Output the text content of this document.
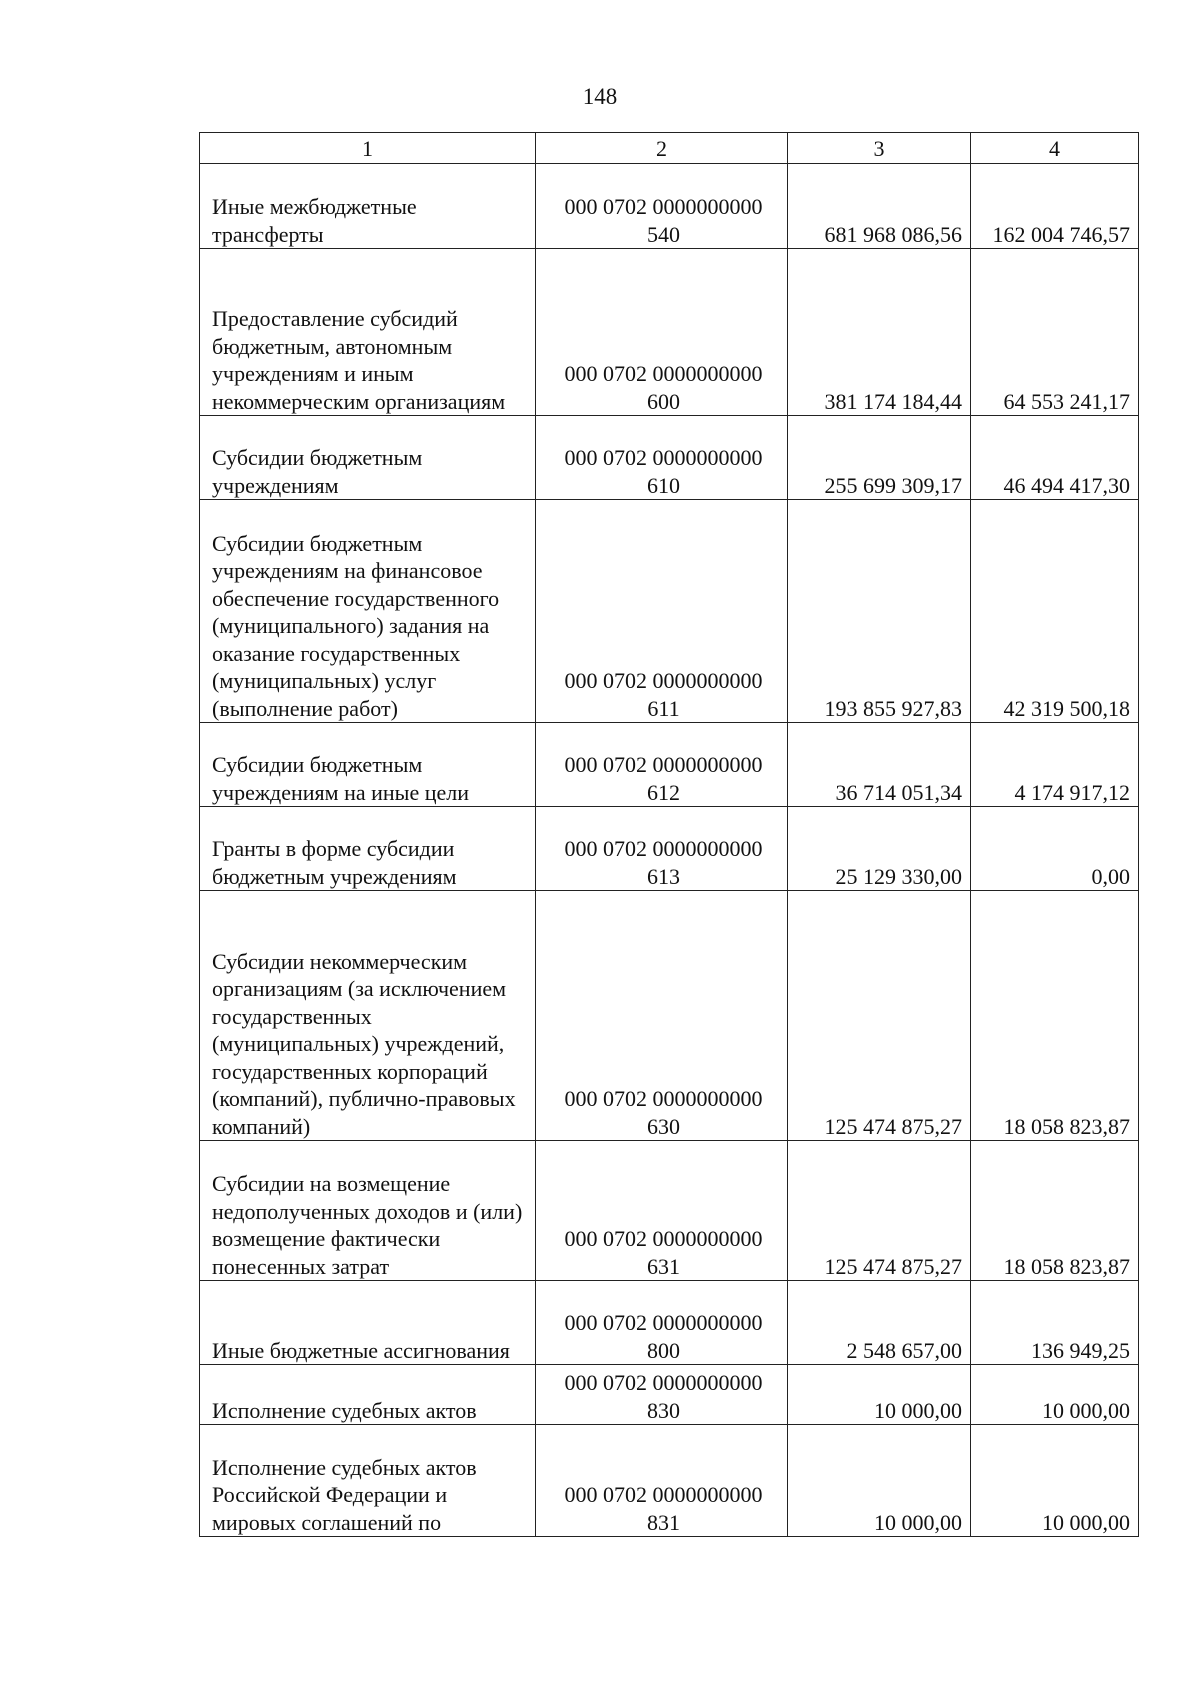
148
1	2	3	4
Иные межбюджетные трансферты	000 0702 0000000000 540	681 968 086,56	162 004 746,57
Предоставление субсидий бюджетным, автономным учреждениям и иным некоммерческим организациям	000 0702 0000000000 600	381 174 184,44	64 553 241,17
Субсидии бюджетным учреждениям	000 0702 0000000000 610	255 699 309,17	46 494 417,30
Субсидии бюджетным учреждениям на финансовое обеспечение государственного (муниципального) задания на оказание государственных (муниципальных) услуг (выполнение работ)	000 0702 0000000000 611	193 855 927,83	42 319 500,18
Субсидии бюджетным учреждениям на иные цели	000 0702 0000000000 612	36 714 051,34	4 174 917,12
Гранты в форме субсидии бюджетным учреждениям	000 0702 0000000000 613	25 129 330,00	0,00
Субсидии некоммерческим организациям (за исключением государственных (муниципальных) учреждений, государственных корпораций (компаний), публично-правовых компаний)	000 0702 0000000000 630	125 474 875,27	18 058 823,87
Субсидии на возмещение недополученных доходов и (или) возмещение фактически понесенных затрат	000 0702 0000000000 631	125 474 875,27	18 058 823,87
Иные бюджетные ассигнования	000 0702 0000000000 800	2 548 657,00	136 949,25
Исполнение судебных актов	000 0702 0000000000 830	10 000,00	10 000,00
Исполнение судебных актов Российской Федерации и мировых соглашений по	000 0702 0000000000 831	10 000,00	10 000,00
